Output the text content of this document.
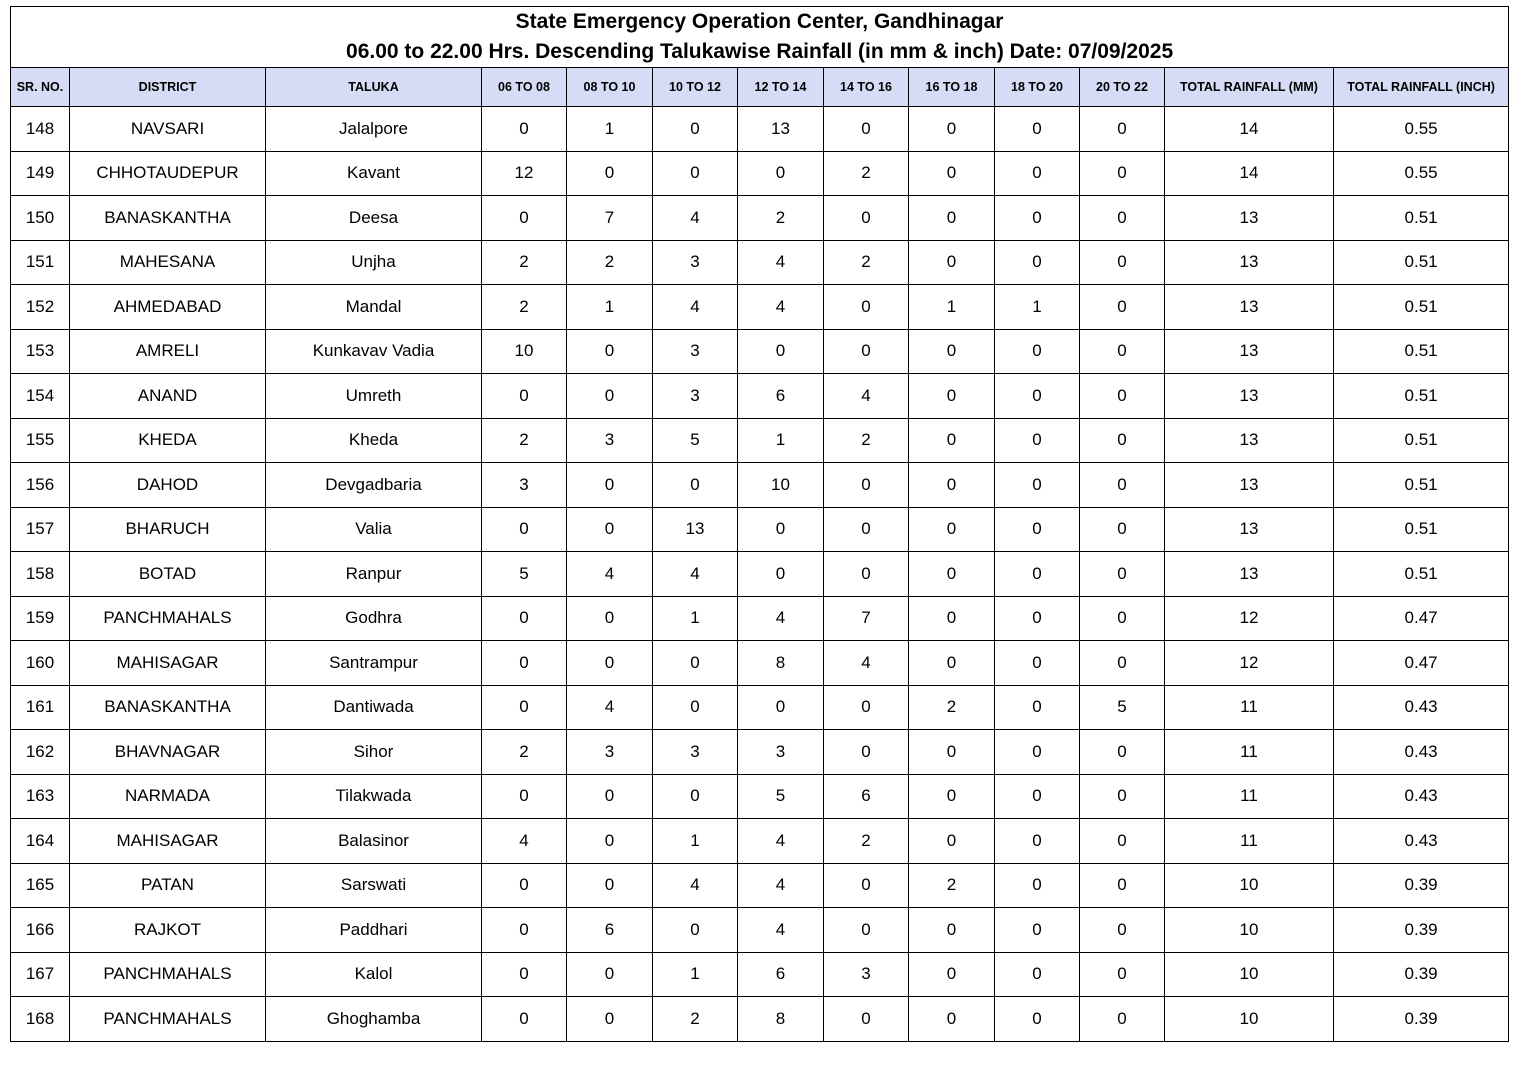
State Emergency Operation Center, Gandhinagar
06.00 to 22.00 Hrs. Descending Talukawise Rainfall (in mm & inch) Date: 07/09/2025												

SR. NO.	DISTRICT	TALUKA	06 TO 08	08 TO 10	10 TO 12	12 TO 14	14 TO 16	16 TO 18	18 TO 20	20 TO 22	TOTAL RAINFALL (MM)	TOTAL RAINFALL (INCH)
148	NAVSARI	Jalalpore	0	1	0	13	0	0	0	0	14	0.55
149	CHHOTAUDEPUR	Kavant	12	0	0	0	2	0	0	0	14	0.55
150	BANASKANTHA	Deesa	0	7	4	2	0	0	0	0	13	0.51
151	MAHESANA	Unjha	2	2	3	4	2	0	0	0	13	0.51
152	AHMEDABAD	Mandal	2	1	4	4	0	1	1	0	13	0.51
153	AMRELI	Kunkavav Vadia	10	0	3	0	0	0	0	0	13	0.51
154	ANAND	Umreth	0	0	3	6	4	0	0	0	13	0.51
155	KHEDA	Kheda	2	3	5	1	2	0	0	0	13	0.51
156	DAHOD	Devgadbaria	3	0	0	10	0	0	0	0	13	0.51
157	BHARUCH	Valia	0	0	13	0	0	0	0	0	13	0.51
158	BOTAD	Ranpur	5	4	4	0	0	0	0	0	13	0.51
159	PANCHMAHALS	Godhra	0	0	1	4	7	0	0	0	12	0.47
160	MAHISAGAR	Santrampur	0	0	0	8	4	0	0	0	12	0.47
161	BANASKANTHA	Dantiwada	0	4	0	0	0	2	0	5	11	0.43
162	BHAVNAGAR	Sihor	2	3	3	3	0	0	0	0	11	0.43
163	NARMADA	Tilakwada	0	0	0	5	6	0	0	0	11	0.43
164	MAHISAGAR	Balasinor	4	0	1	4	2	0	0	0	11	0.43
165	PATAN	Sarswati	0	0	4	4	0	2	0	0	10	0.39
166	RAJKOT	Paddhari	0	6	0	4	0	0	0	0	10	0.39
167	PANCHMAHALS	Kalol	0	0	1	6	3	0	0	0	10	0.39
168	PANCHMAHALS	Ghoghamba	0	0	2	8	0	0	0	0	10	0.39
